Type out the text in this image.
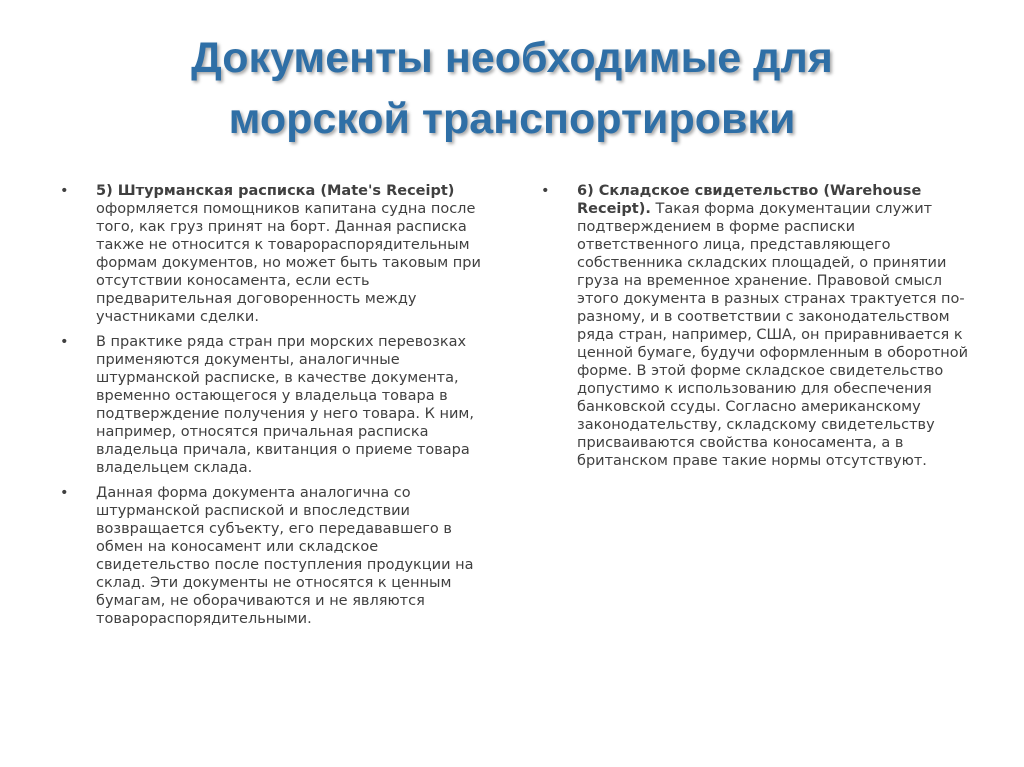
Документы необходимые для
морской транспортировки
• 5) Штурманская расписка (Mate's Receipt) оформляется помощников капитана судна после того, как груз принят на борт. Данная расписка также не относится к товарораспорядительным формам документов, но может быть таковым при отсутствии коносамента, если есть предварительная договоренность между участниками сделки.
• В практике ряда стран при морских перевозках применяются документы, аналогичные штурманской расписке, в качестве документа, временно остающегося у владельца товара в подтверждение получения у него товара. К ним, например, относятся причальная расписка владельца причала, квитанция о приеме товара владельцем склада.
• Данная форма документа аналогична со штурманской распиской и впоследствии возвращается субъекту, его передававшего в обмен на коносамент или складское свидетельство после поступления продукции на склад. Эти документы не относятся к ценным бумагам, не оборачиваются и не являются товарораспорядительными.
• 6) Складское свидетельство (Warehouse Receipt). Такая форма документации служит подтверждением в форме расписки ответственного лица, представляющего собственника складских площадей, о принятии груза на временное хранение. Правовой смысл этого документа в разных странах трактуется по-разному, и в соответствии с законодательством ряда стран, например, США, он приравнивается к ценной бумаге, будучи оформленным в оборотной форме. В этой форме складское свидетельство допустимо к использованию для обеспечения банковской ссуды. Согласно американскому законодательству, складскому свидетельству присваиваются свойства коносамента, а в британском праве такие нормы отсутствуют.
